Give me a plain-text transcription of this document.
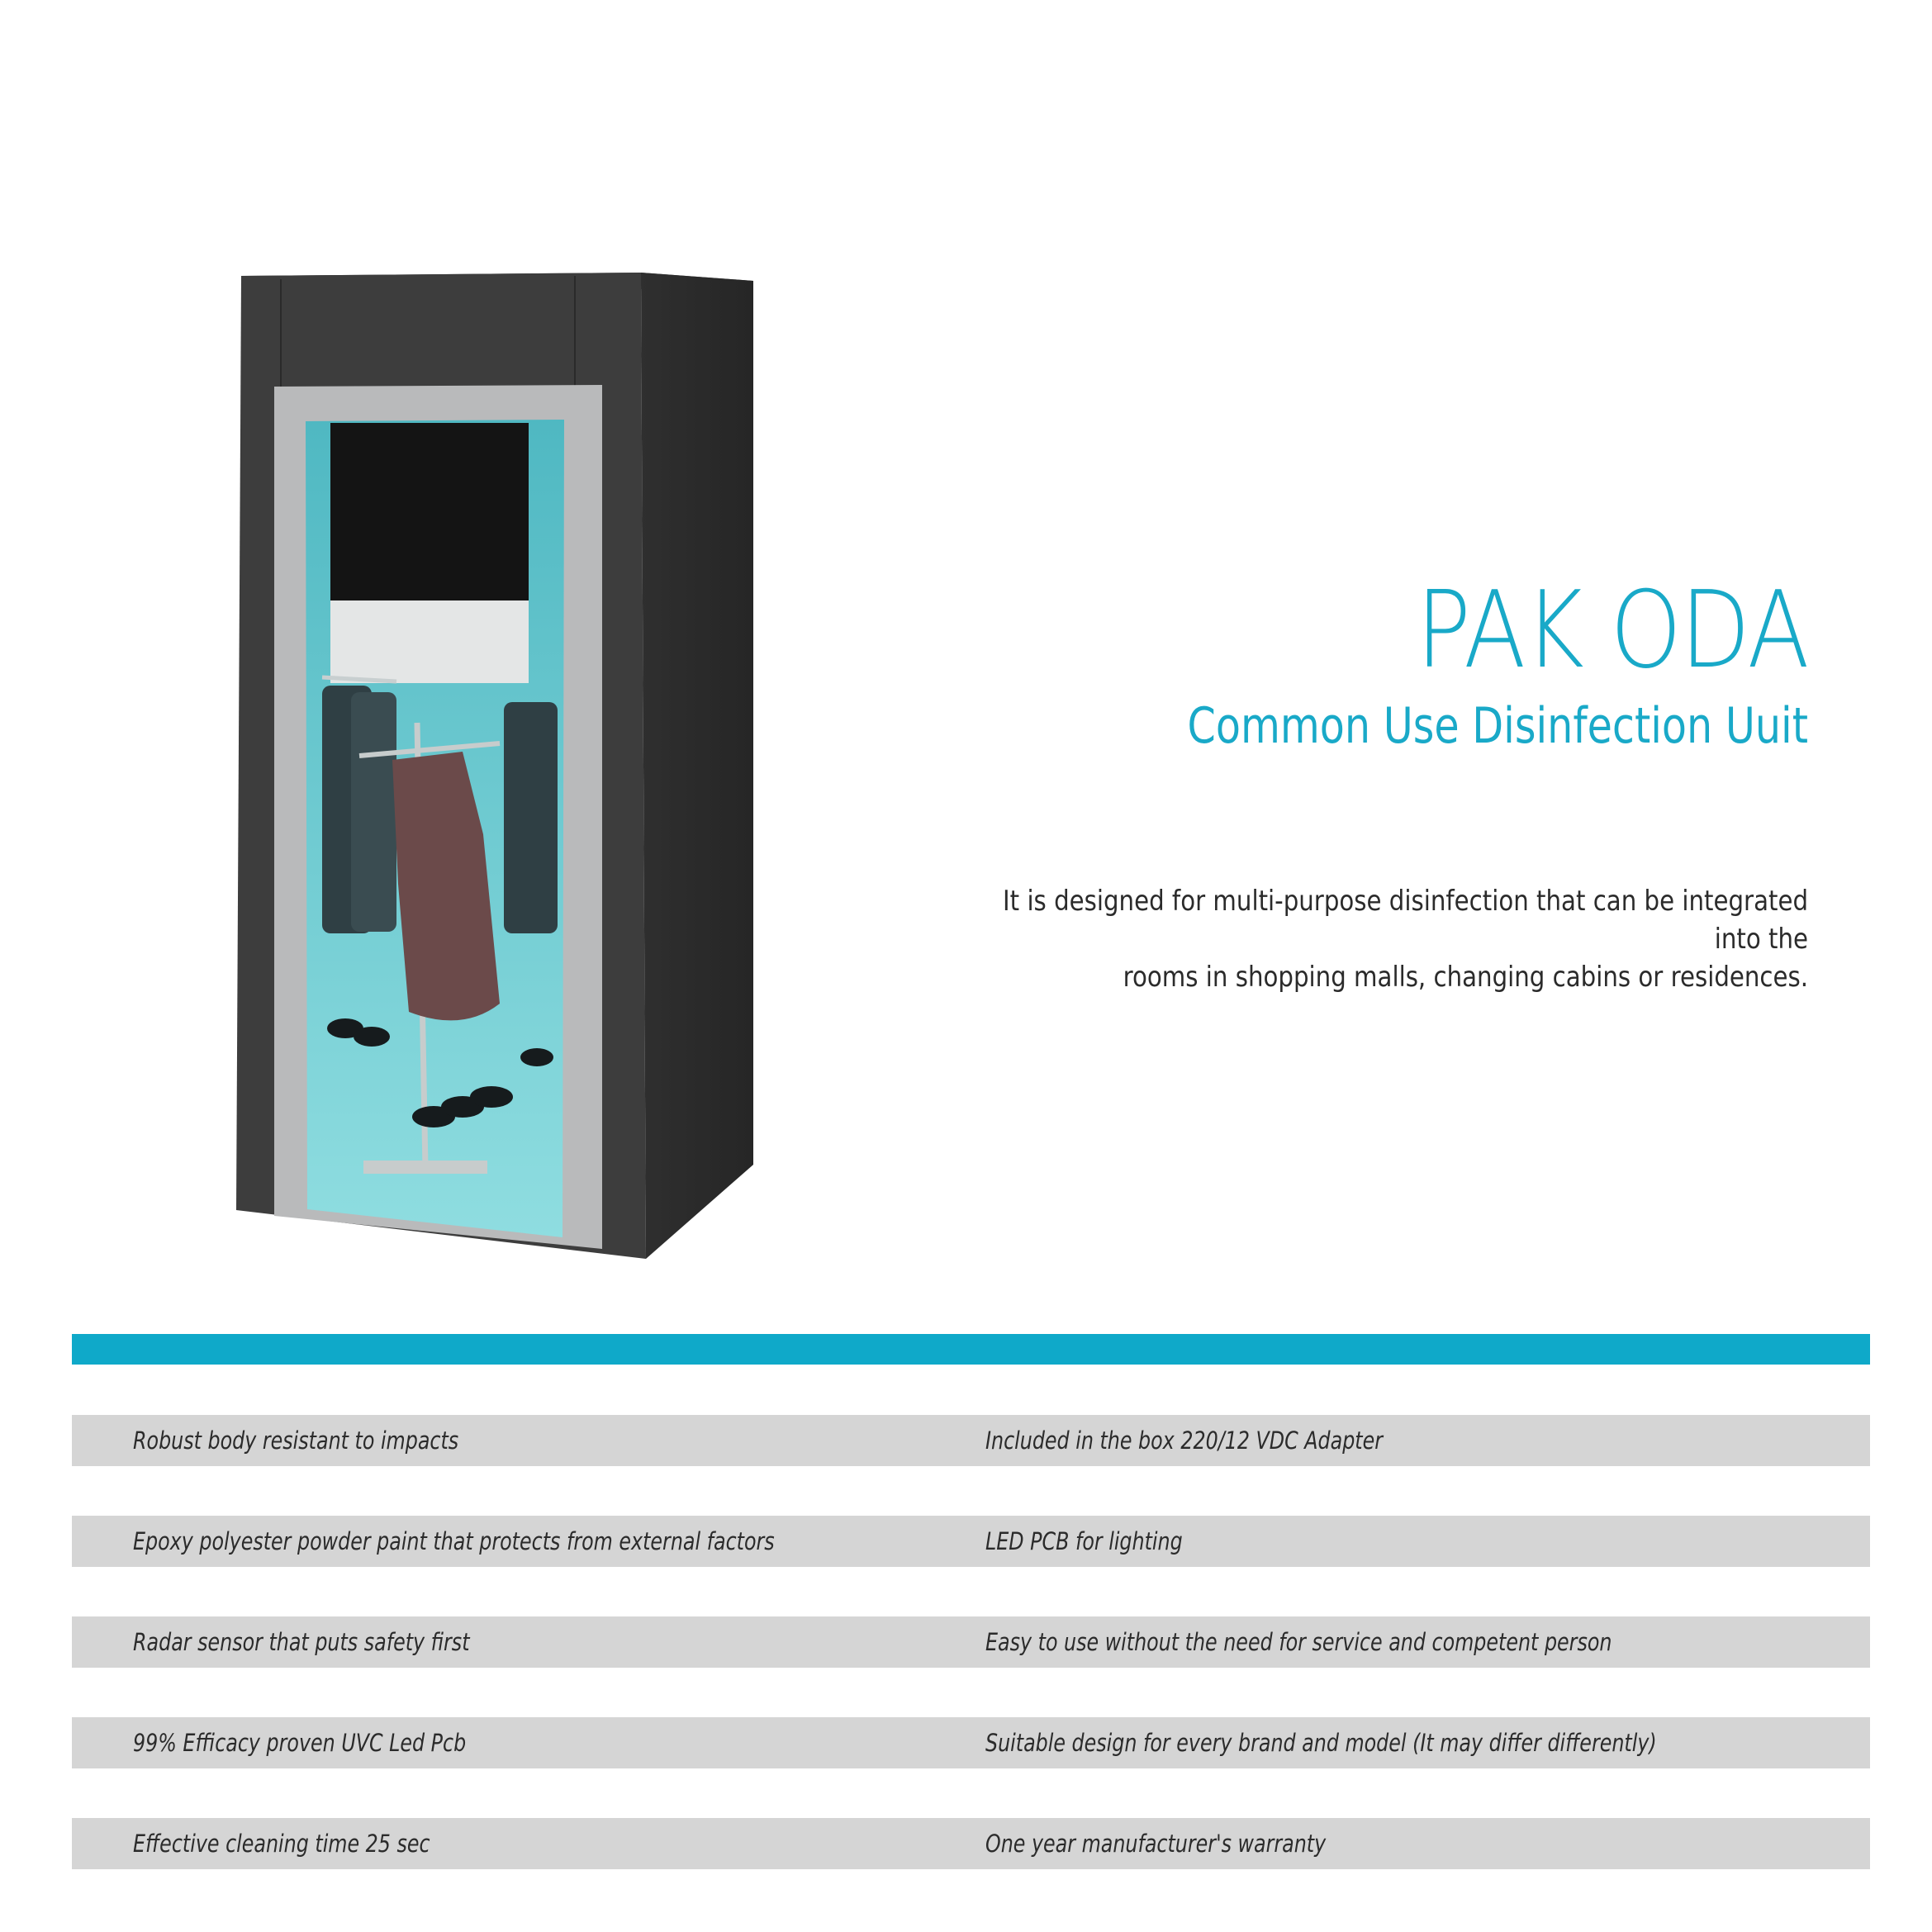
PAK ODA
Common Use Disinfection Uuit
It is designed for multi-purpose disinfection that can be integrated into the
rooms in shopping malls, changing cabins or residences.
Robust body resistant to impacts	Included in the box 220/12 VDC Adapter
Epoxy polyester powder paint that protects from external factors	LED PCB for lighting
Radar sensor that puts safety first	Easy to use without the need for service and competent person
99% Efficacy proven UVC Led Pcb	Suitable design for every brand and model (It may differ differently)
Effective cleaning time 25 sec	One year manufacturer's warranty
